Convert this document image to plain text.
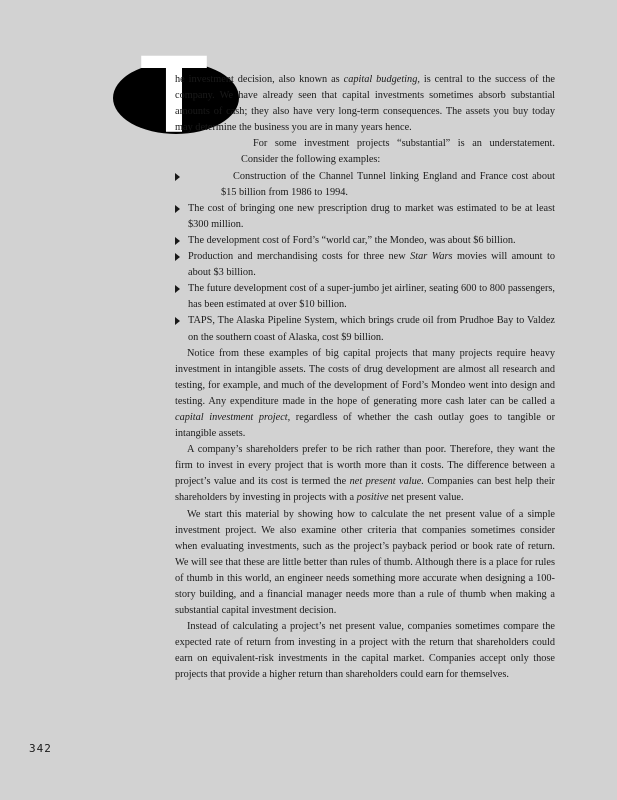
T

he investment decision, also known as capital budgeting, is central to the success of the company. We have already seen that capital investments sometimes absorb substantial amounts of cash; they also have very long-term consequences. The assets you buy today may determine the business you are in many years hence.

For some investment projects “substantial” is an understatement. Consider the following examples:

Construction of the Channel Tunnel linking England and France cost about $15 billion from 1986 to 1994.
The cost of bringing one new prescription drug to market was estimated to be at least $300 million.
The development cost of Ford’s “world car,” the Mondeo, was about $6 billion.
Production and merchandising costs for three new Star Wars movies will amount to about $3 billion.
The future development cost of a super-jumbo jet airliner, seating 600 to 800 passengers, has been estimated at over $10 billion.
TAPS, The Alaska Pipeline System, which brings crude oil from Prudhoe Bay to Valdez on the southern coast of Alaska, cost $9 billion.

Notice from these examples of big capital projects that many projects require heavy investment in intangible assets. The costs of drug development are almost all research and testing, for example, and much of the development of Ford’s Mondeo went into design and testing. Any expenditure made in the hope of generating more cash later can be called a capital investment project, regardless of whether the cash outlay goes to tangible or intangible assets.

A company’s shareholders prefer to be rich rather than poor. Therefore, they want the firm to invest in every project that is worth more than it costs. The difference between a project’s value and its cost is termed the net present value. Companies can best help their shareholders by investing in projects with a positive net present value.

We start this material by showing how to calculate the net present value of a simple investment project. We also examine other criteria that companies sometimes consider when evaluating investments, such as the project’s payback period or book rate of return. We will see that these are little better than rules of thumb. Although there is a place for rules of thumb in this world, an engineer needs something more accurate when designing a 100-story building, and a financial manager needs more than a rule of thumb when making a substantial capital investment decision.

Instead of calculating a project’s net present value, companies sometimes compare the expected rate of return from investing in a project with the return that shareholders could earn on equivalent-risk investments in the capital market. Companies accept only those projects that provide a higher return than shareholders could earn for themselves.

342
